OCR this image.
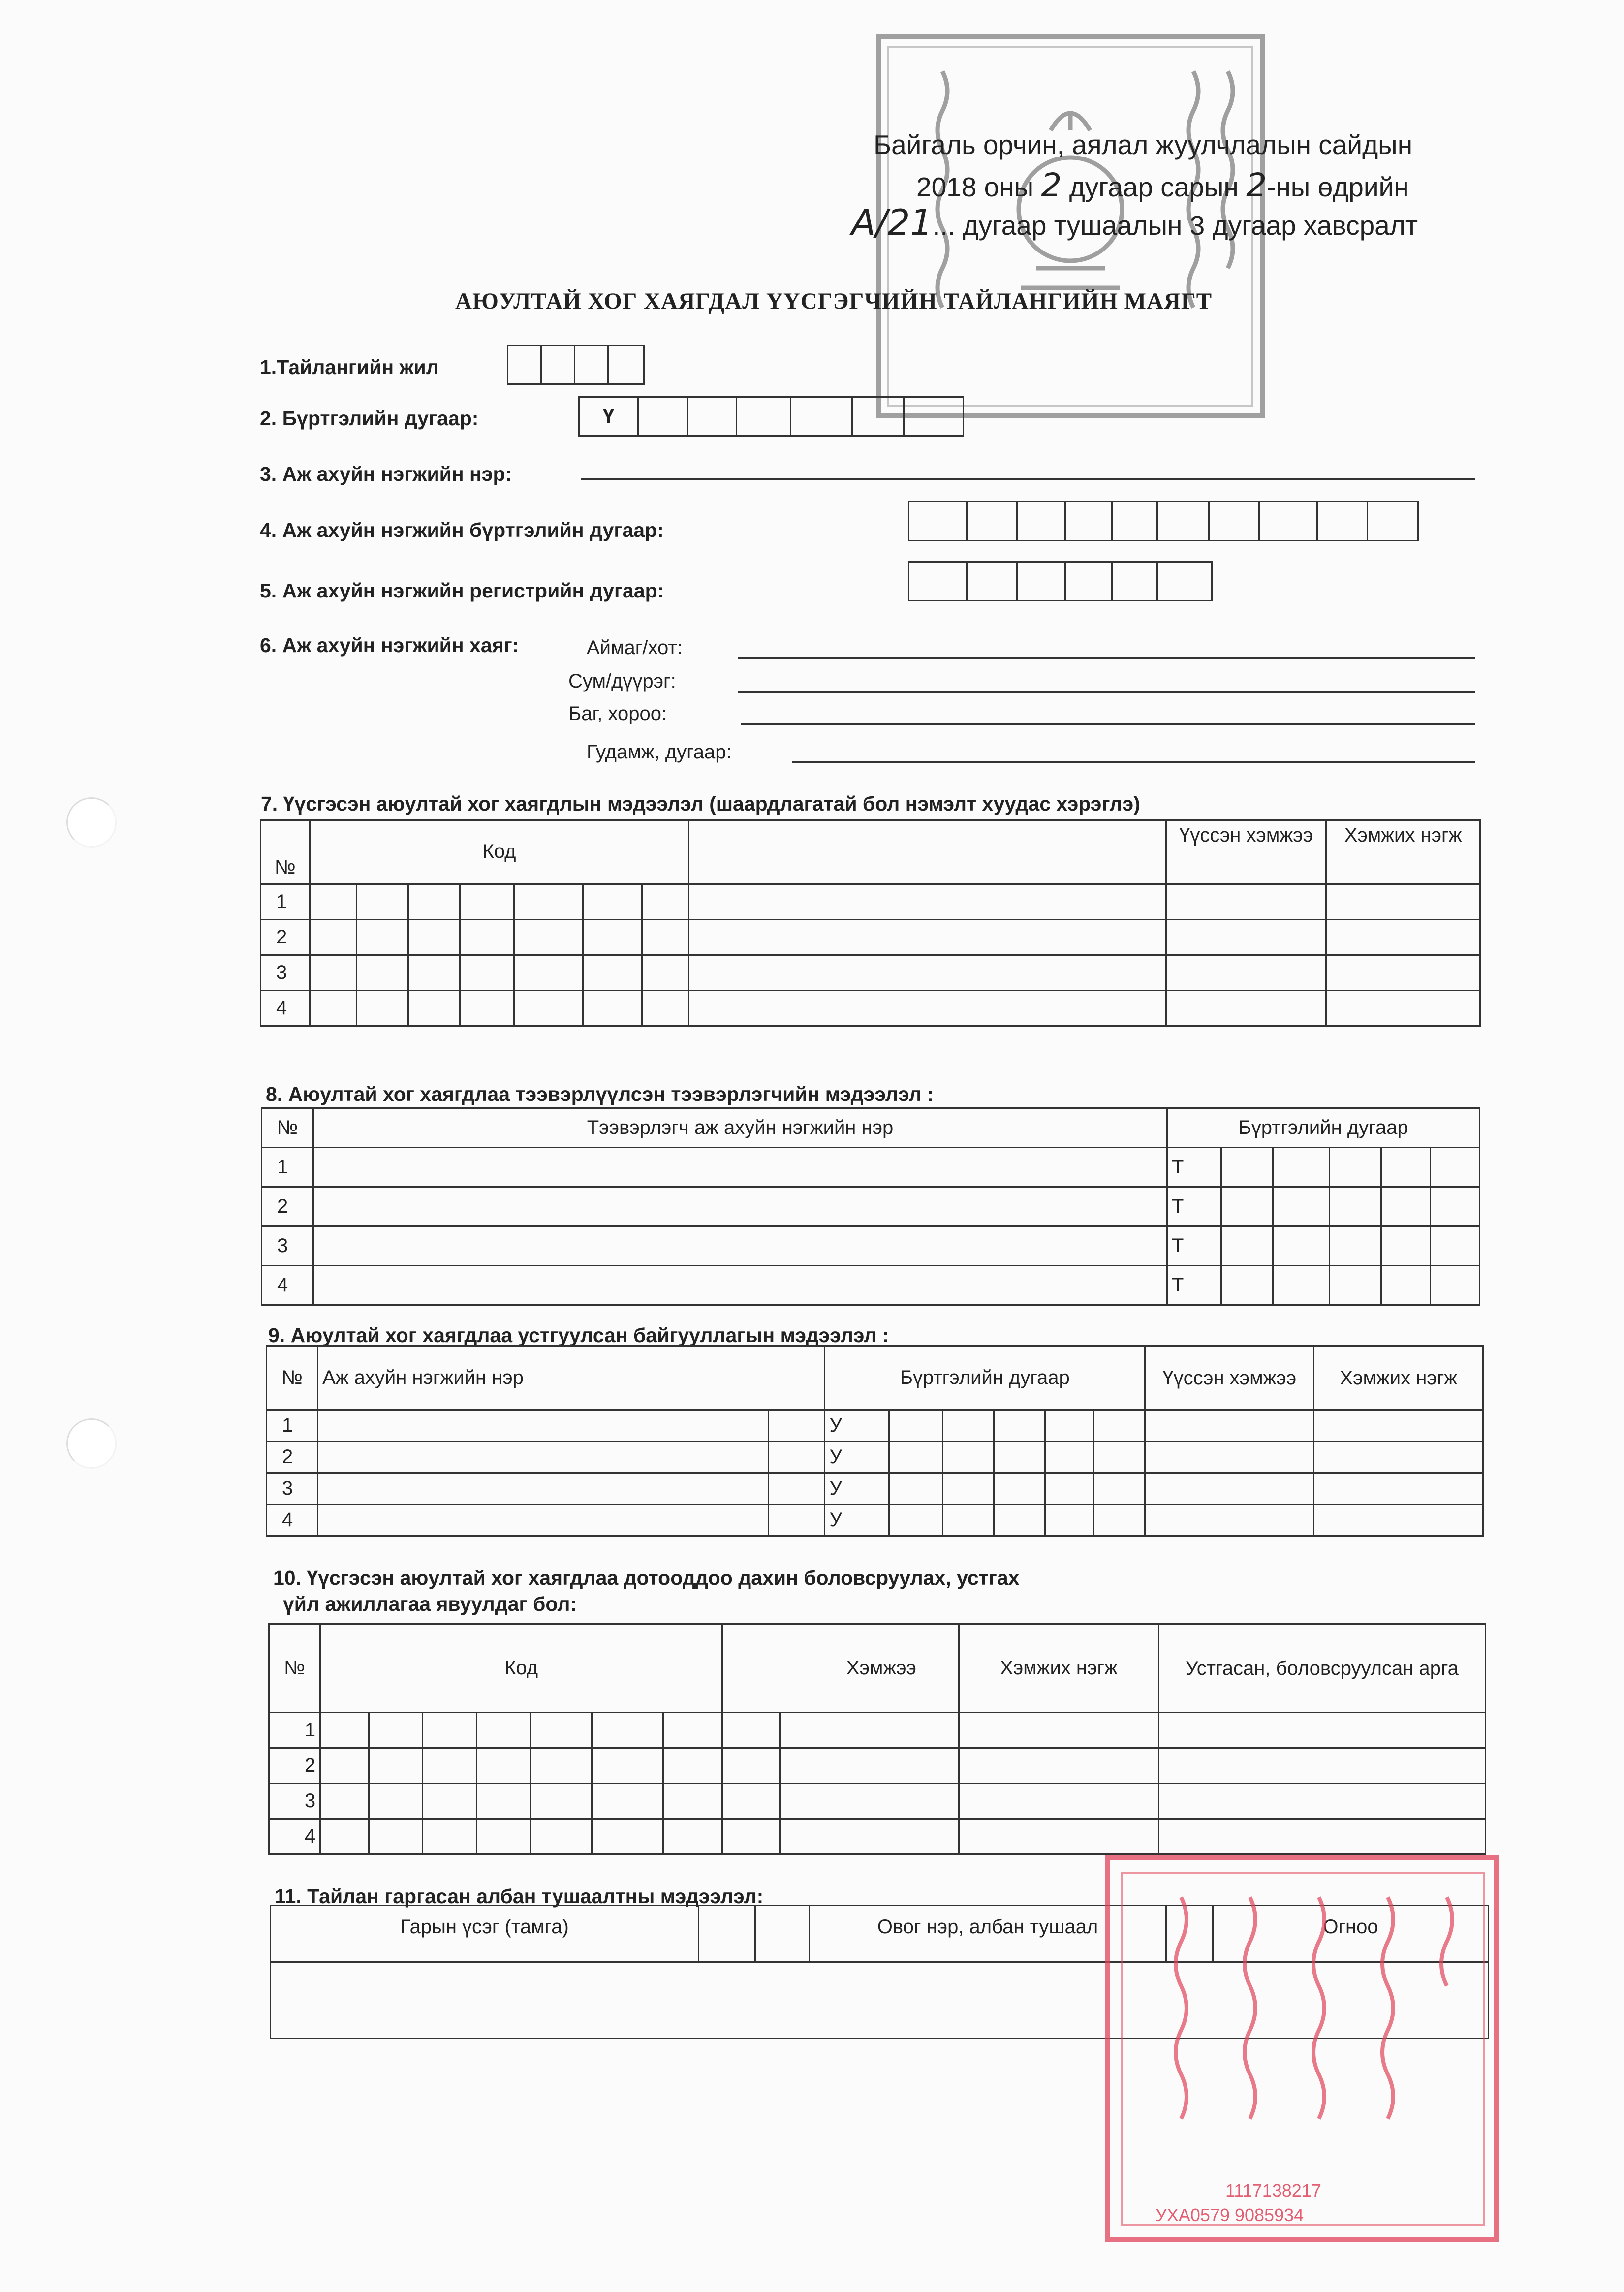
Байгаль орчин, аялал жуулчлалын сайдын
2018 оны 2 дугаар сарын 2-ны өдрийн
А/21... дугаар тушаалын 3 дугаар хавсралт
АЮУЛТАЙ ХОГ ХАЯГДАЛ ҮҮСГЭГЧИЙН ТАЙЛАНГИЙН МАЯГТ
1.Тайлангийн жил
2. Бүртгэлийн дугаар:	Ү
3. Аж ахуйн нэгжийн нэр:
4. Аж ахуйн нэгжийн бүртгэлийн дугаар:
5. Аж ахуйн нэгжийн регистрийн дугаар:
6. Аж ахуйн нэгжийн хаяг:	Аймаг/хот:
Сум/дүүрэг:
Баг, хороо:
Гудамж, дугаар:
7. Үүсгэсэн аюултай хог хаягдлын мэдээлэл (шаардлагатай бол нэмэлт хуудас хэрэглэ)
№	Код								Үүссэн хэмжээ	Хэмжих нэгж
1										
2										
3										
4										
8. Аюултай хог хаягдлаа тээвэрлүүлсэн тээвэрлэгчийн мэдээлэл :
№	Тээвэрлэгч аж ахуйн нэгжийн нэр	Бүртгэлийн дугаар					
1		Т					
2		Т					
3		Т					
4		Т					
9. Аюултай хог хаягдлаа устгуулсан байгууллагын мэдээлэл :
№	Аж ахуйн нэгжийн нэр		Бүртгэлийн дугаар						Үүссэн хэмжээ	Хэмжих нэгж
1			У							
2			У							
3			У							
4			У							
10. Үүсгэсэн аюултай хог хаягдлаа дотооддоо дахин боловсруулах, устгах
үйл ажиллагаа явуулдаг бол:
№	Код							Хэмжээ		Хэмжих нэгж	Устгасан, боловсруулсан арга
1											
2											
3											
4											
11. Тайлан гаргасан албан тушаалтны мэдээлэл:
Гарын үсэг (тамга)			Овог нэр, албан тушаал		Огноо

1117138217
УХА0579 9085934
